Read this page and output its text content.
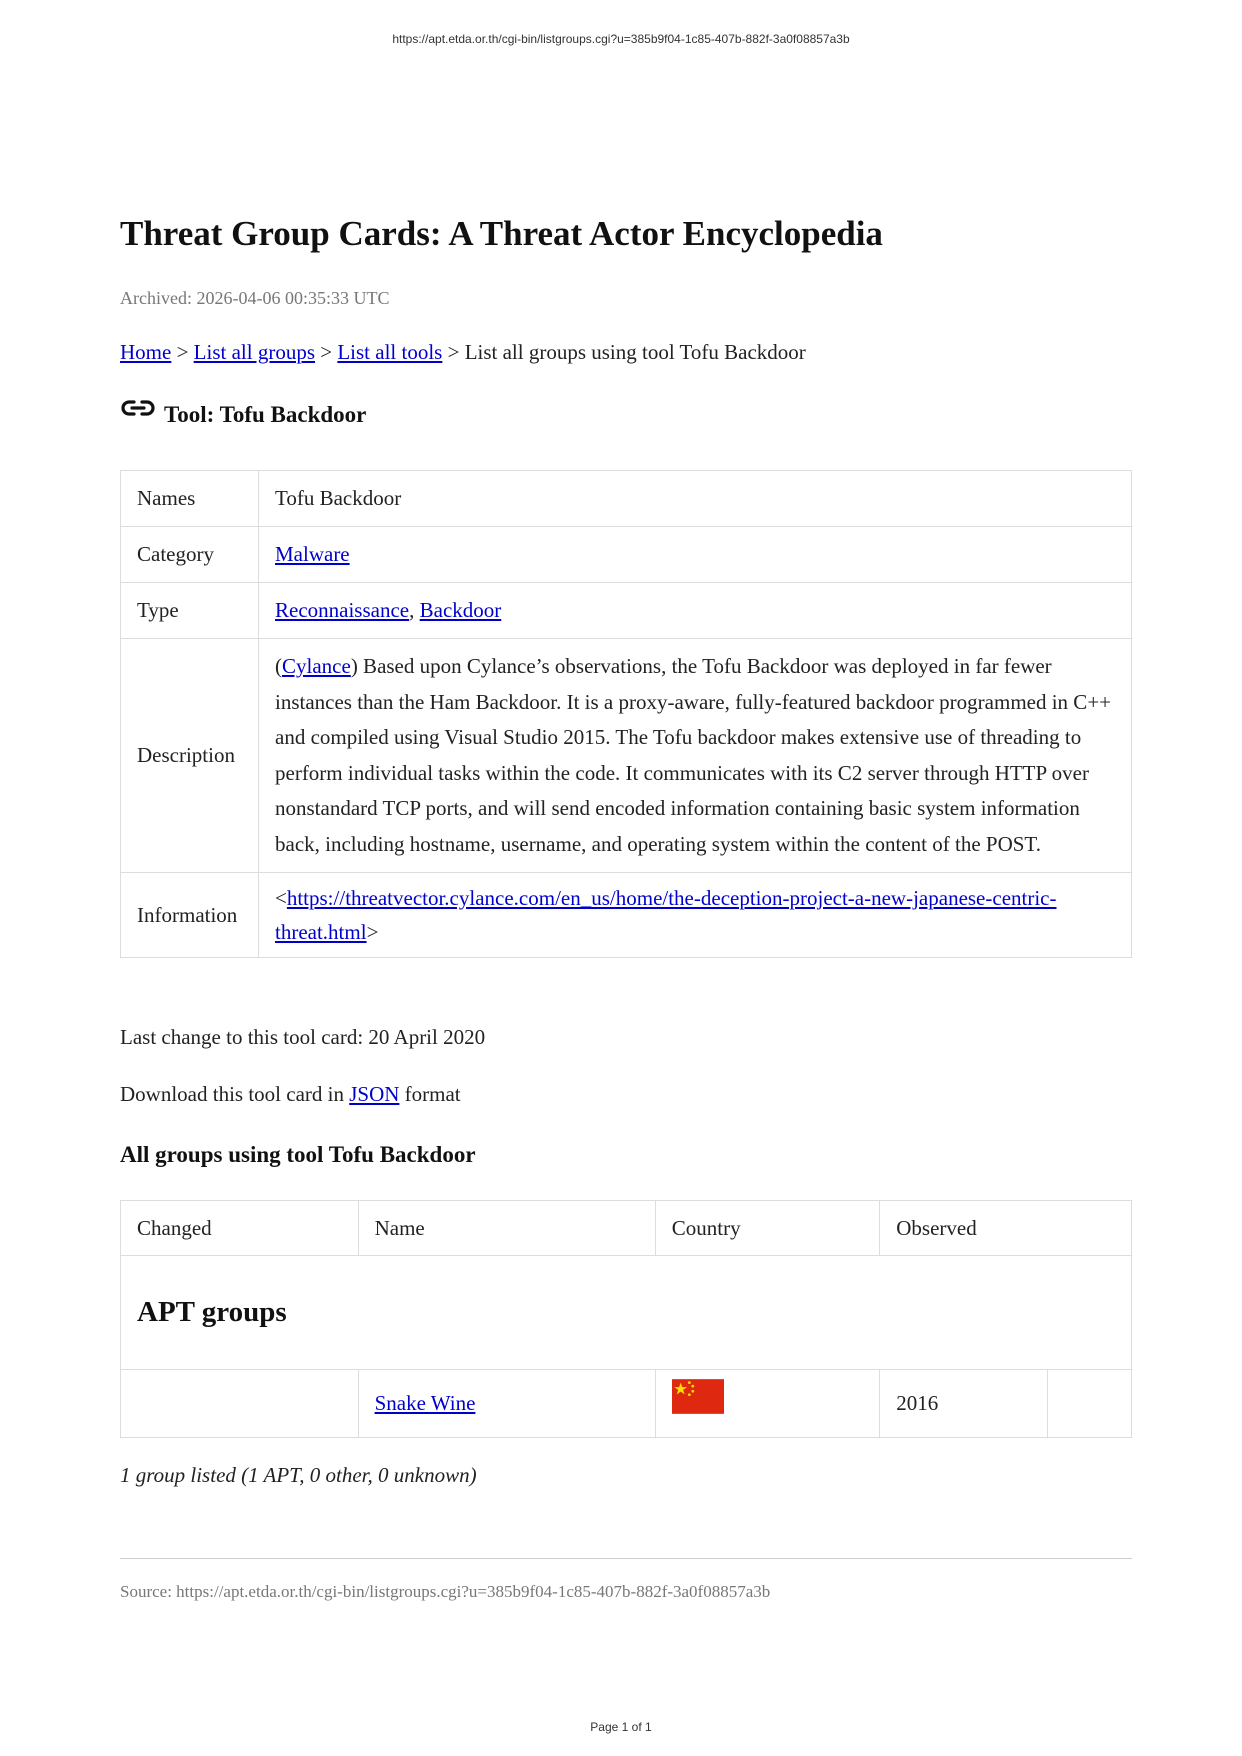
https://apt.etda.or.th/cgi-bin/listgroups.cgi?u=385b9f04-1c85-407b-882f-3a0f08857a3b
Threat Group Cards: A Threat Actor Encyclopedia
Archived: 2026-04-06 00:35:33 UTC
Home > List all groups > List all tools > List all groups using tool Tofu Backdoor
Tool: Tofu Backdoor
Names	Tofu Backdoor
Category	Malware
Type	Reconnaissance, Backdoor
Description	(Cylance) Based upon Cylance’s observations, the Tofu Backdoor was deployed in far fewer instances than the Ham Backdoor. It is a proxy-aware, fully-featured backdoor programmed in C++ and compiled using Visual Studio 2015. The Tofu backdoor makes extensive use of threading to perform individual tasks within the code. It communicates with its C2 server through HTTP over nonstandard TCP ports, and will send encoded information containing basic system information back, including hostname, username, and operating system within the content of the POST.
Information	<https://threatvector.cylance.com/en_us/home/the-deception-project-a-new-japanese-centric-threat.html>
Last change to this tool card: 20 April 2020
Download this tool card in JSON format
All groups using tool Tofu Backdoor
Changed	Name	Country	Observed	
APT groups				
	Snake Wine		2016	
1 group listed (1 APT, 0 other, 0 unknown)
Source: https://apt.etda.or.th/cgi-bin/listgroups.cgi?u=385b9f04-1c85-407b-882f-3a0f08857a3b
Page 1 of 1
